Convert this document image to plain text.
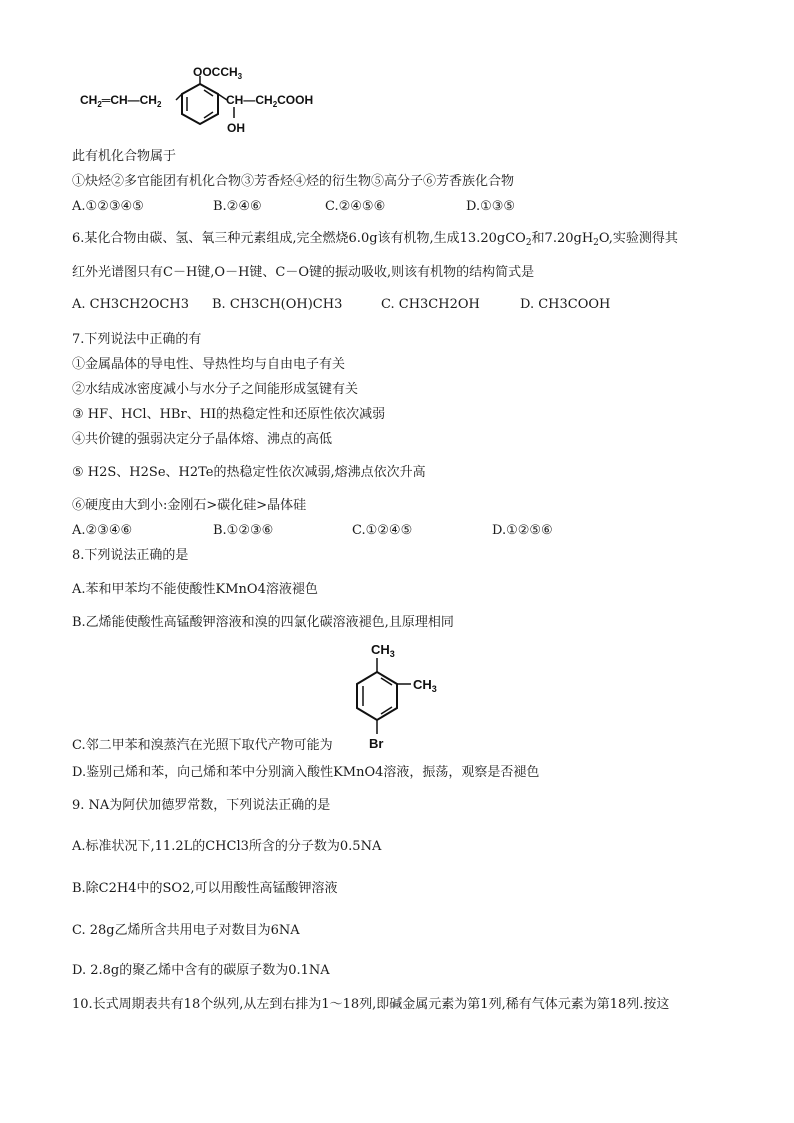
$OOCCH_3$
$CH_2═CH—CH_2$	$CH—CH_2COOH$
OH
此有机化合物属于
①炔烃②多官能团有机化合物③芳香烃④烃的衍生物⑤高分子⑥芳香族化合物
A.①②③④⑤	B.②④⑥	C.②④⑤⑥	D.①③⑤
6.某化合物由碳、氢、氧三种元素组成,完全燃烧6.0g该有机物,生成13.20gCO$_2$和$7.20gH_2O$,实验测得其
红外光谱图只有C－H键,O－H键、C－O键的振动吸收,则该有机物的结构简式是
A. CH3CH2OCH3 B. CH3CH(OH)CH3	C. CH3CH2OH	D. CH3COOH
7.下列说法中正确的有
①金属晶体的导电性、导热性均与自由电子有关
②水结成冰密度减小与水分子之间能形成氢键有关
③ HF、HCl、HBr、HI的热稳定性和还原性依次减弱
④共价键的强弱决定分子晶体熔、沸点的高低
⑤ H2S、H2Se、H2Te的热稳定性依次减弱,熔沸点依次升高
⑥硬度由大到小:金刚石>碳化硅>晶体硅
A.②③④⑥	B.①②③⑥	C.①②④⑤	D.①②⑤⑥
8.下列说法正确的是
A.苯和甲苯均不能使酸性KMnO4溶液褪色
B.乙烯能使酸性高锰酸钾溶液和溴的四氯化碳溶液褪色,且原理相同
$CH_3$
$CH_3$
Br
C.邻二甲苯和溴蒸汽在光照下取代产物可能为
D.鉴别己烯和苯，向己烯和苯中分别滴入酸性KMnO4溶液，振荡，观察是否褪色
9. NA为阿伏加德罗常数，下列说法正确的是
A.标准状况下,11.2L的CHCl3所含的分子数为0.5NA
B.除C2H4中的SO2,可以用酸性高锰酸钾溶液
C. 28g乙烯所含共用电子对数目为6NA
D. 2.8g的聚乙烯中含有的碳原子数为0.1NA
10.长式周期表共有18个纵列,从左到右排为1～18列,即碱金属元素为第1列,稀有气体元素为第18列.按这
